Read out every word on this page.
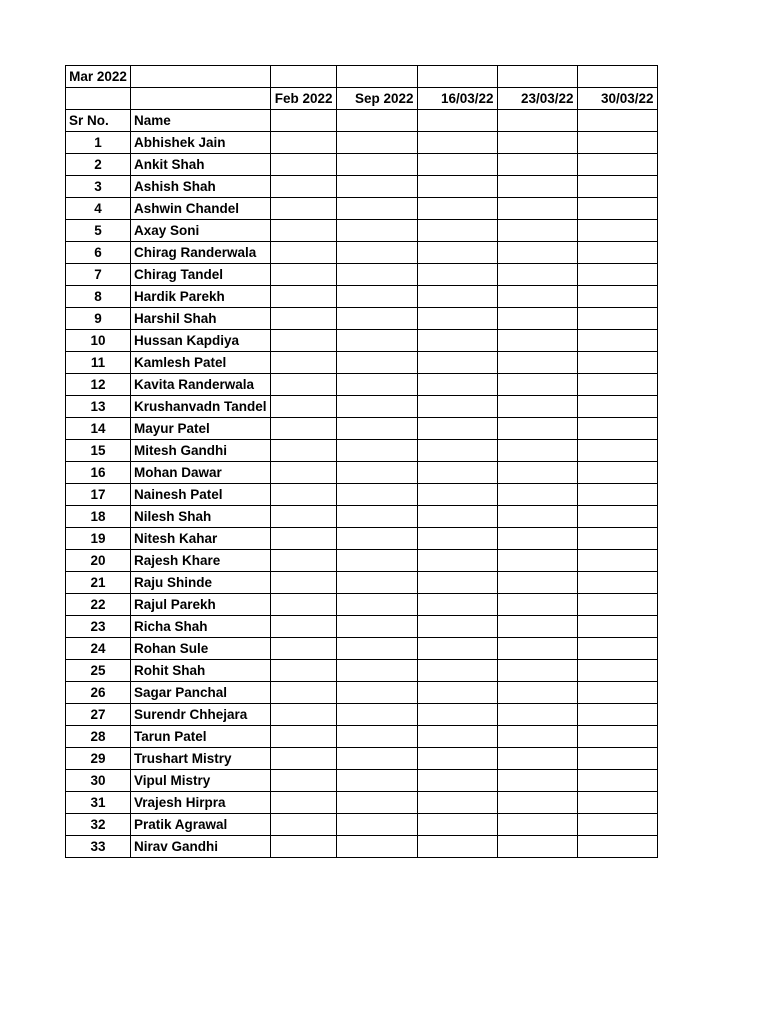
Mar 2022						
		Feb 2022	Sep 2022	16/03/22	23/03/22	30/03/22
Sr No.	Name					
1	Abhishek Jain					
2	Ankit Shah					
3	Ashish Shah					
4	Ashwin Chandel					
5	Axay Soni					
6	Chirag Randerwala					
7	Chirag Tandel					
8	Hardik Parekh					
9	Harshil Shah					
10	Hussan Kapdiya					
11	Kamlesh Patel					
12	Kavita Randerwala					
13	Krushanvadn Tandel					
14	Mayur Patel					
15	Mitesh Gandhi					
16	Mohan Dawar					
17	Nainesh Patel					
18	Nilesh Shah					
19	Nitesh Kahar					
20	Rajesh Khare					
21	Raju Shinde					
22	Rajul Parekh					
23	Richa Shah					
24	Rohan Sule					
25	Rohit Shah					
26	Sagar Panchal					
27	Surendr Chhejara					
28	Tarun Patel					
29	Trushart Mistry					
30	Vipul Mistry					
31	Vrajesh Hirpra					
32	Pratik Agrawal					
33	Nirav Gandhi					
